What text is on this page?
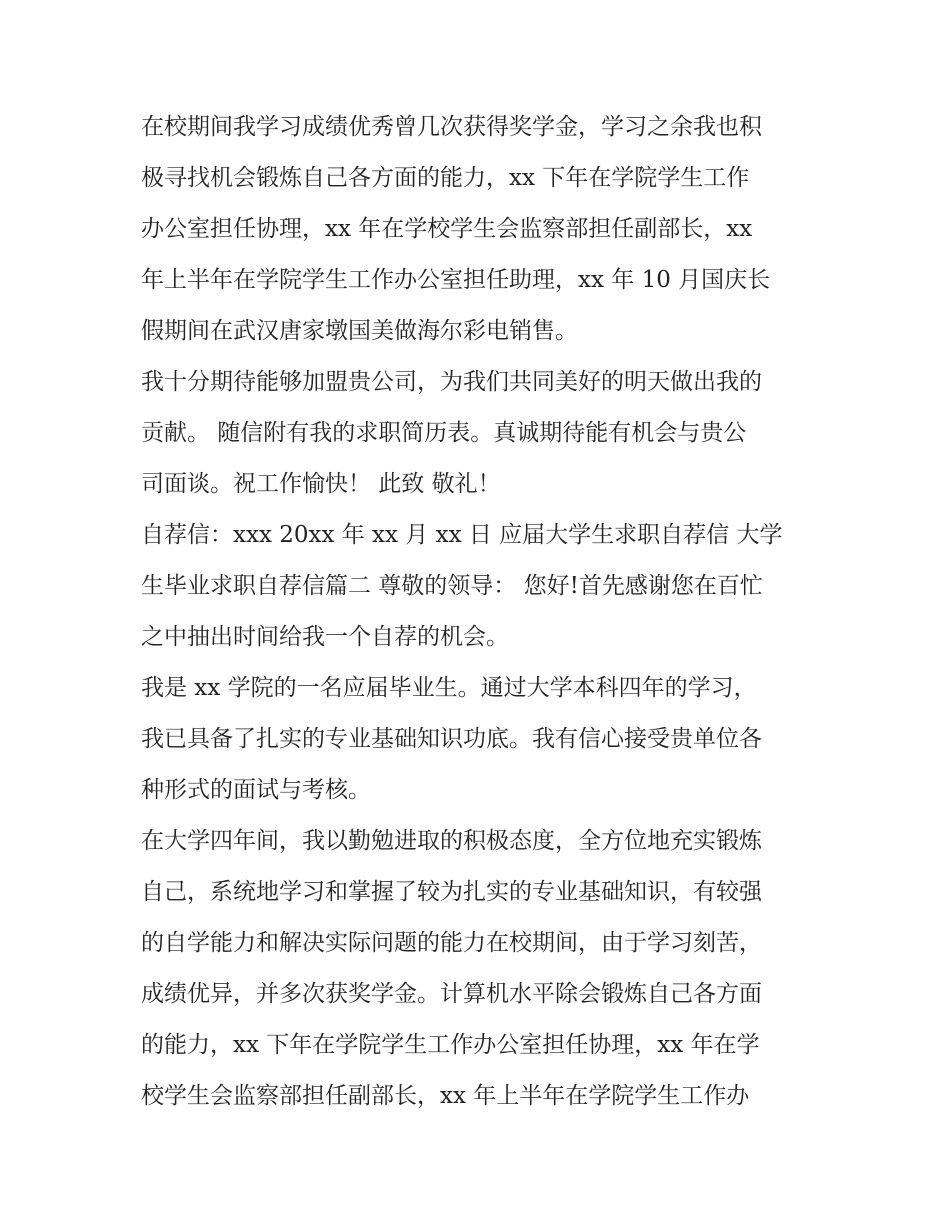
在校期间我学习成绩优秀曾几次获得奖学金，学习之余我也积
极寻找机会锻炼自己各方面的能力，xx 下年在学院学生工作
办公室担任协理，xx 年在学校学生会监察部担任副部长，xx
年上半年在学院学生工作办公室担任助理，xx 年 10 月国庆长
假期间在武汉唐家墩国美做海尔彩电销售。
我十分期待能够加盟贵公司，为我们共同美好的明天做出我的
贡献。 随信附有我的求职简历表。真诚期待能有机会与贵公
司面谈。祝工作愉快！ 此致 敬礼！
自荐信：xxx 20xx 年 xx 月 xx 日 应届大学生求职自荐信 大学
生毕业求职自荐信篇二 尊敬的领导： 您好!首先感谢您在百忙
之中抽出时间给我一个自荐的机会。
我是 xx 学院的一名应届毕业生。通过大学本科四年的学习，
我已具备了扎实的专业基础知识功底。我有信心接受贵单位各
种形式的面试与考核。
在大学四年间，我以勤勉进取的积极态度，全方位地充实锻炼
自己，系统地学习和掌握了较为扎实的专业基础知识，有较强
的自学能力和解决实际问题的能力在校期间，由于学习刻苦，
成绩优异，并多次获奖学金。计算机水平除会锻炼自己各方面
的能力，xx 下年在学院学生工作办公室担任协理，xx 年在学
校学生会监察部担任副部长，xx 年上半年在学院学生工作办
